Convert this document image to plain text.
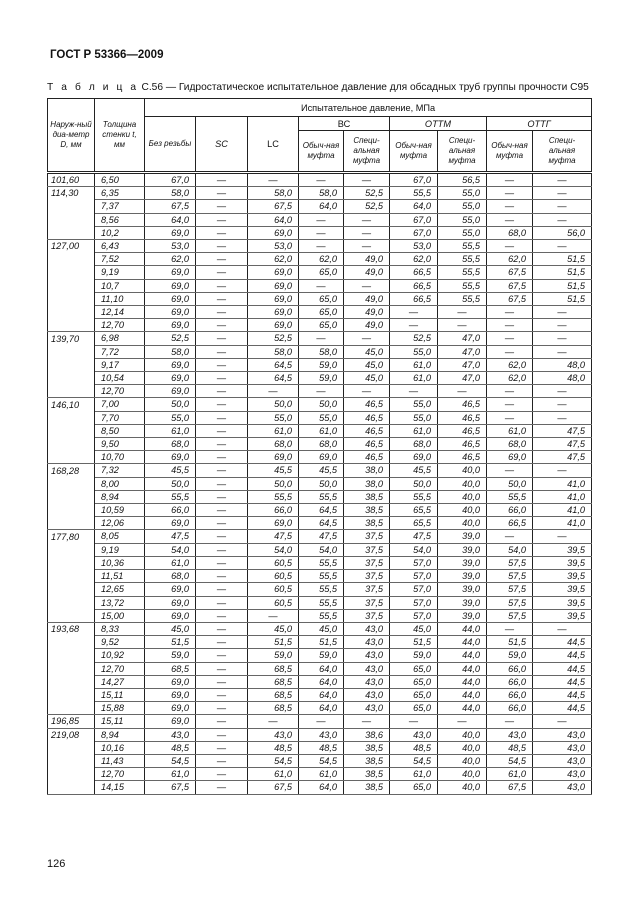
ГОСТ Р 53366—2009
Т а б л и ц а С.56 — Гидростатическое испытательное давление для обсадных труб группы прочности С95
Наруж-ный диа-метр D, мм	Толщина стенки t, мм	Испытательное давление, МПа								
		Без резьбы	SC	LC	ВС		ОТТМ		ОТТГ	
					Обыч-ная муфта	Специ-альная муфта	Обыч-ная муфта	Специ-альная муфта	Обыч-ная муфта	Специ-альная муфта
101,60	6,50	67,0	—	—	—	—	67,0	56,5	—	—
114,30	6,35	58,0	—	58,0	58,0	52,5	55,5	55,0	—	—
	7,37	67,5	—	67,5	64,0	52,5	64,0	55,0	—	—
	8,56	64,0	—	64,0	—	—	67,0	55,0	—	—
	10,2	69,0	—	69,0	—	—	67,0	55,0	68,0	56,0
127,00	6,43	53,0	—	53,0	—	—	53,0	55,5	—	—
	7,52	62,0	—	62,0	62,0	49,0	62,0	55,5	62,0	51,5
	9,19	69,0	—	69,0	65,0	49,0	66,5	55,5	67,5	51,5
	10,7	69,0	—	69,0	—	—	66,5	55,5	67,5	51,5
	11,10	69,0	—	69,0	65,0	49,0	66,5	55,5	67,5	51,5
	12,14	69,0	—	69,0	65,0	49,0	—	—	—	—
	12,70	69,0	—	69,0	65,0	49,0	—	—	—	—
139,70	6,98	52,5	—	52,5	—	—	52,5	47,0	—	—
	7,72	58,0	—	58,0	58,0	45,0	55,0	47,0	—	—
	9,17	69,0	—	64,5	59,0	45,0	61,0	47,0	62,0	48,0
	10,54	69,0	—	64,5	59,0	45,0	61,0	47,0	62,0	48,0
	12,70	69,0	—	—	—	—	—	—	—	—
146,10	7,00	50,0	—	50,0	50,0	46,5	55,0	46,5	—	—
	7,70	55,0	—	55,0	55,0	46,5	55,0	46,5	—	—
	8,50	61,0	—	61,0	61,0	46,5	61,0	46,5	61,0	47,5
	9,50	68,0	—	68,0	68,0	46,5	68,0	46,5	68,0	47,5
	10,70	69,0	—	69,0	69,0	46,5	69,0	46,5	69,0	47,5
168,28	7,32	45,5	—	45,5	45,5	38,0	45,5	40,0	—	—
	8,00	50,0	—	50,0	50,0	38,0	50,0	40,0	50,0	41,0
	8,94	55,5	—	55,5	55,5	38,5	55,5	40,0	55,5	41,0
	10,59	66,0	—	66,0	64,5	38,5	65,5	40,0	66,0	41,0
	12,06	69,0	—	69,0	64,5	38,5	65,5	40,0	66,5	41,0
177,80	8,05	47,5	—	47,5	47,5	37,5	47,5	39,0	—	—
	9,19	54,0	—	54,0	54,0	37,5	54,0	39,0	54,0	39,5
	10,36	61,0	—	60,5	55,5	37,5	57,0	39,0	57,5	39,5
	11,51	68,0	—	60,5	55,5	37,5	57,0	39,0	57,5	39,5
	12,65	69,0	—	60,5	55,5	37,5	57,0	39,0	57,5	39,5
	13,72	69,0	—	60,5	55,5	37,5	57,0	39,0	57,5	39,5
	15,00	69,0	—	—	55,5	37,5	57,0	39,0	57,5	39,5
193,68	8,33	45,0	—	45,0	45,0	43,0	45,0	44,0	—	—
	9,52	51,5	—	51,5	51,5	43,0	51,5	44,0	51,5	44,5
	10,92	59,0	—	59,0	59,0	43,0	59,0	44,0	59,0	44,5
	12,70	68,5	—	68,5	64,0	43,0	65,0	44,0	66,0	44,5
	14,27	69,0	—	68,5	64,0	43,0	65,0	44,0	66,0	44,5
	15,11	69,0	—	68,5	64,0	43,0	65,0	44,0	66,0	44,5
	15,88	69,0	—	68,5	64,0	43,0	65,0	44,0	66,0	44,5
196,85	15,11	69,0	—	—	—	—	—	—	—	—
219,08	8,94	43,0	—	43,0	43,0	38,6	43,0	40,0	43,0	43,0
	10,16	48,5	—	48,5	48,5	38,5	48,5	40,0	48,5	43,0
	11,43	54,5	—	54,5	54,5	38,5	54,5	40,0	54,5	43,0
	12,70	61,0	—	61,0	61,0	38,5	61,0	40,0	61,0	43,0
	14,15	67,5	—	67,5	64,0	38,5	65,0	40,0	67,5	43,0
126
